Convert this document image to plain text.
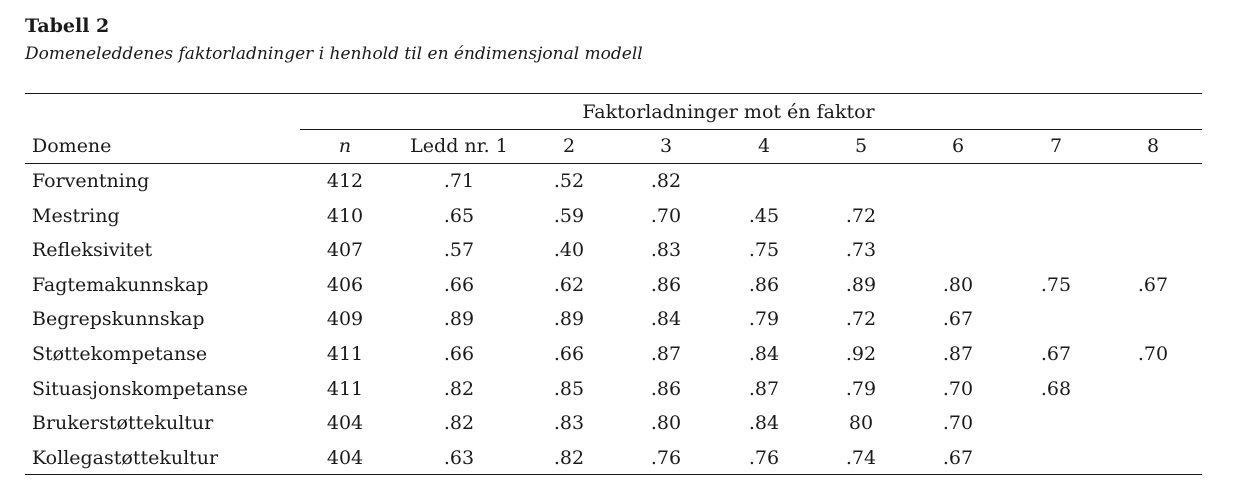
Tabell 2
Domeneleddenes faktorladninger i henhold til en éndimensjonal modell
Faktorladninger mot én faktor
Domene	n	Ledd nr. 1	2	3	4	5	6	7	8
Forventning	412	.71	.52	.82
Mestring	410	.65	.59	.70	.45	.72
Refleksivitet	407	.57	.40	.83	.75	.73
Fagtemakunnskap	406	.66	.62	.86	.86	.89	.80	.75	.67
Begrepskunnskap	409	.89	.89	.84	.79	.72	.67
Støttekompetanse	411	.66	.66	.87	.84	.92	.87	.67	.70
Situasjonskompetanse	411	.82	.85	.86	.87	.79	.70	.68
Brukerstøttekultur	404	.82	.83	.80	.84	80	.70
Kollegastøttekultur	404	.63	.82	.76	.76	.74	.67
